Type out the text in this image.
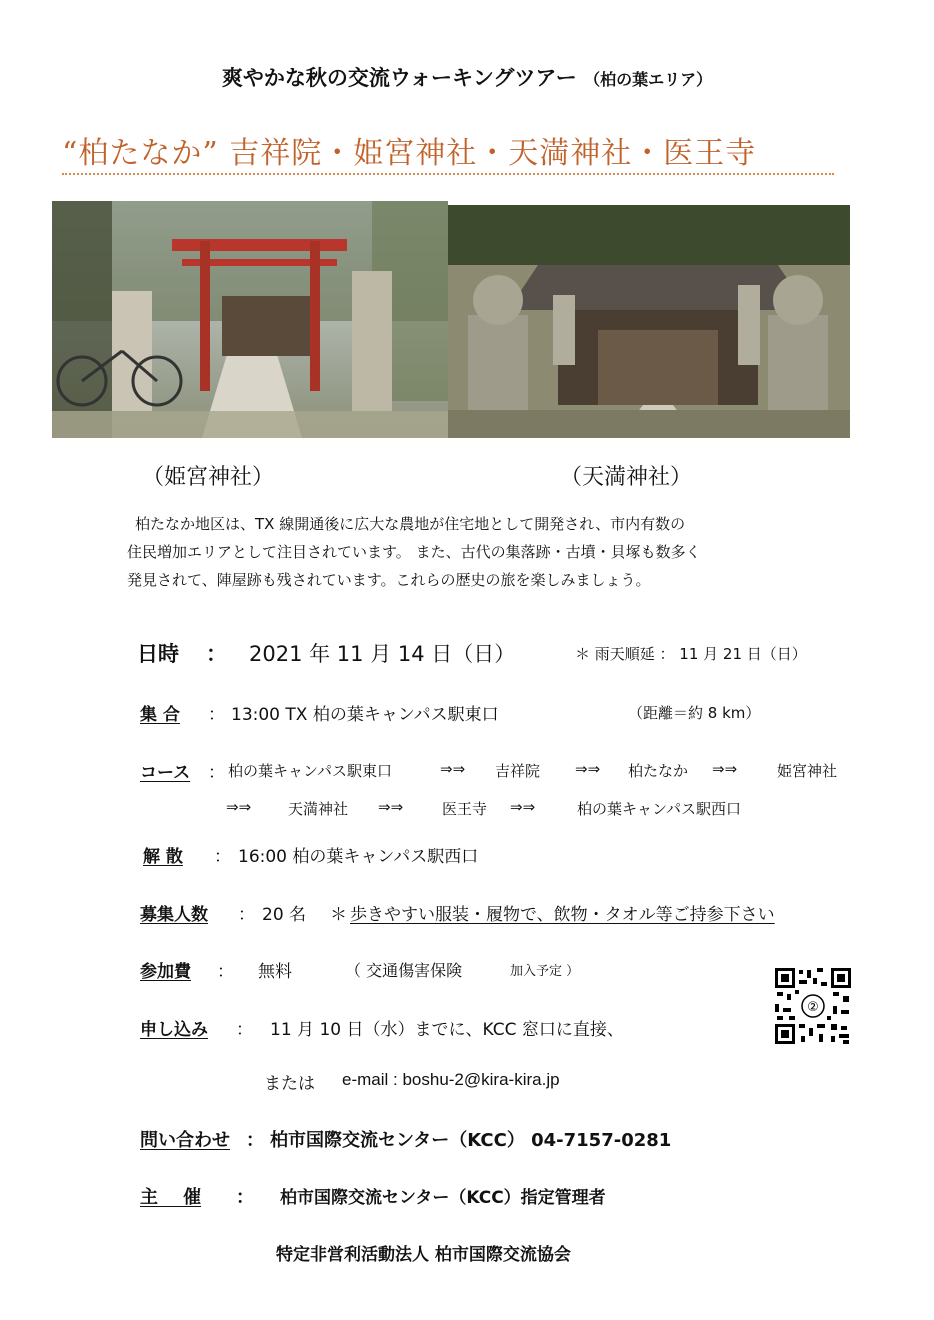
爽やかな秋の交流ウォーキングツアー （柏の葉エリア）
“柏たなか” 吉祥院・姫宮神社・天満神社・医王寺
（姫宮神社）	（天満神社）
柏たなか地区は、TX 線開通後に広大な農地が住宅地として開発され、市内有数の
住民増加エリアとして注目されています。 また、古代の集落跡・古墳・貝塚も数多く
発見されて、陣屋跡も残されています。これらの歴史の旅を楽しみましょう。
日時 ： 2021 年 11 月 14 日（日）	＊ 雨天順延 ： 11 月 21 日（日）
集 合 ： 13:00 TX 柏の葉キャンパス駅東口	（距離＝約 8 km）
コース ： 柏の葉キャンパス駅東口	⇒⇒ 吉祥院 ⇒⇒ 柏たなか ⇒⇒	姫宮神社
⇒⇒ 天満神社 ⇒⇒	医王寺 ⇒⇒	柏の葉キャンパス駅西口
解 散 ： 16:00 柏の葉キャンパス駅西口
募集人数 ： 20 名 ＊ 歩きやすい服装・履物で、飲物・タオル等ご持参下さい
参加費 ： 無料	（ 交通傷害保険	加入予定 ）
②
申し込み ： 11 月 10 日（水）までに、KCC 窓口に直接、
または e-mail : boshu-2@kira-kira.jp
問い合わせ ： 柏市国際交流センター（KCC） 04-7157-0281
主    催 ： 柏市国際交流センター（KCC）指定管理者
特定非営利活動法人 柏市国際交流協会
